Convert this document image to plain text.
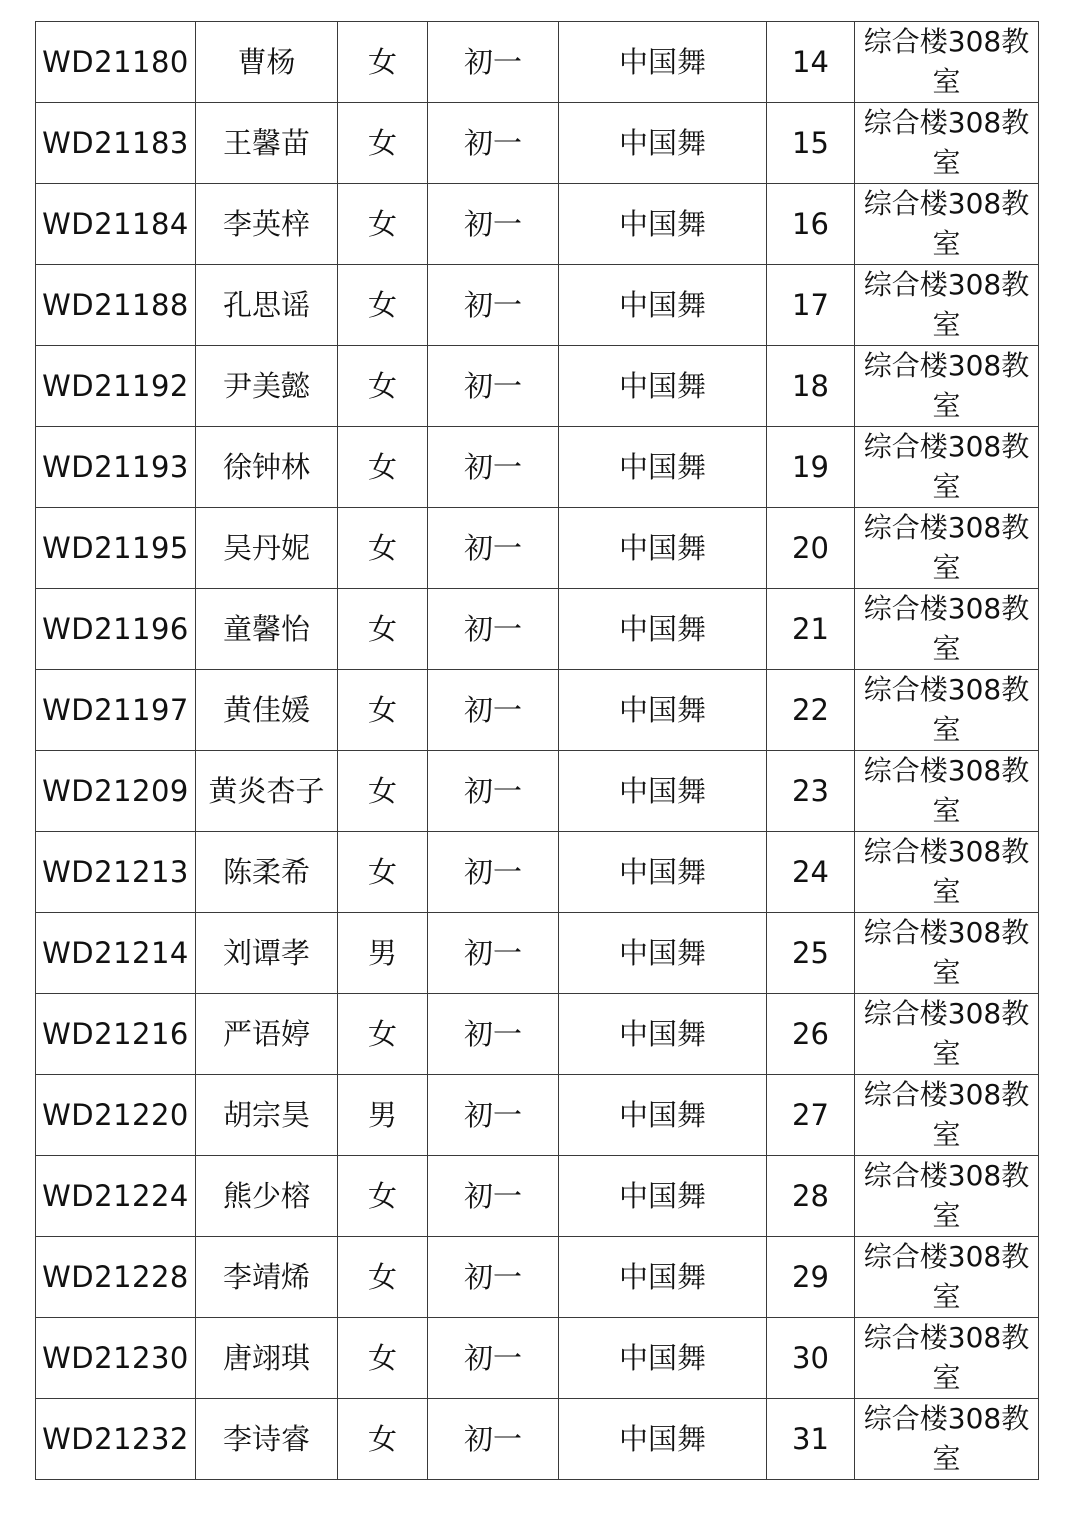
WD21180	曹杨	女	初一	中国舞	14	综合楼308教室
WD21183	王馨苗	女	初一	中国舞	15	综合楼308教室
WD21184	李英梓	女	初一	中国舞	16	综合楼308教室
WD21188	孔思谣	女	初一	中国舞	17	综合楼308教室
WD21192	尹美懿	女	初一	中国舞	18	综合楼308教室
WD21193	徐钟林	女	初一	中国舞	19	综合楼308教室
WD21195	吴丹妮	女	初一	中国舞	20	综合楼308教室
WD21196	童馨怡	女	初一	中国舞	21	综合楼308教室
WD21197	黄佳媛	女	初一	中国舞	22	综合楼308教室
WD21209	黄炎杏子	女	初一	中国舞	23	综合楼308教室
WD21213	陈柔希	女	初一	中国舞	24	综合楼308教室
WD21214	刘谭孝	男	初一	中国舞	25	综合楼308教室
WD21216	严语婷	女	初一	中国舞	26	综合楼308教室
WD21220	胡宗昊	男	初一	中国舞	27	综合楼308教室
WD21224	熊少榕	女	初一	中国舞	28	综合楼308教室
WD21228	李靖烯	女	初一	中国舞	29	综合楼308教室
WD21230	唐翊琪	女	初一	中国舞	30	综合楼308教室
WD21232	李诗睿	女	初一	中国舞	31	综合楼308教室
